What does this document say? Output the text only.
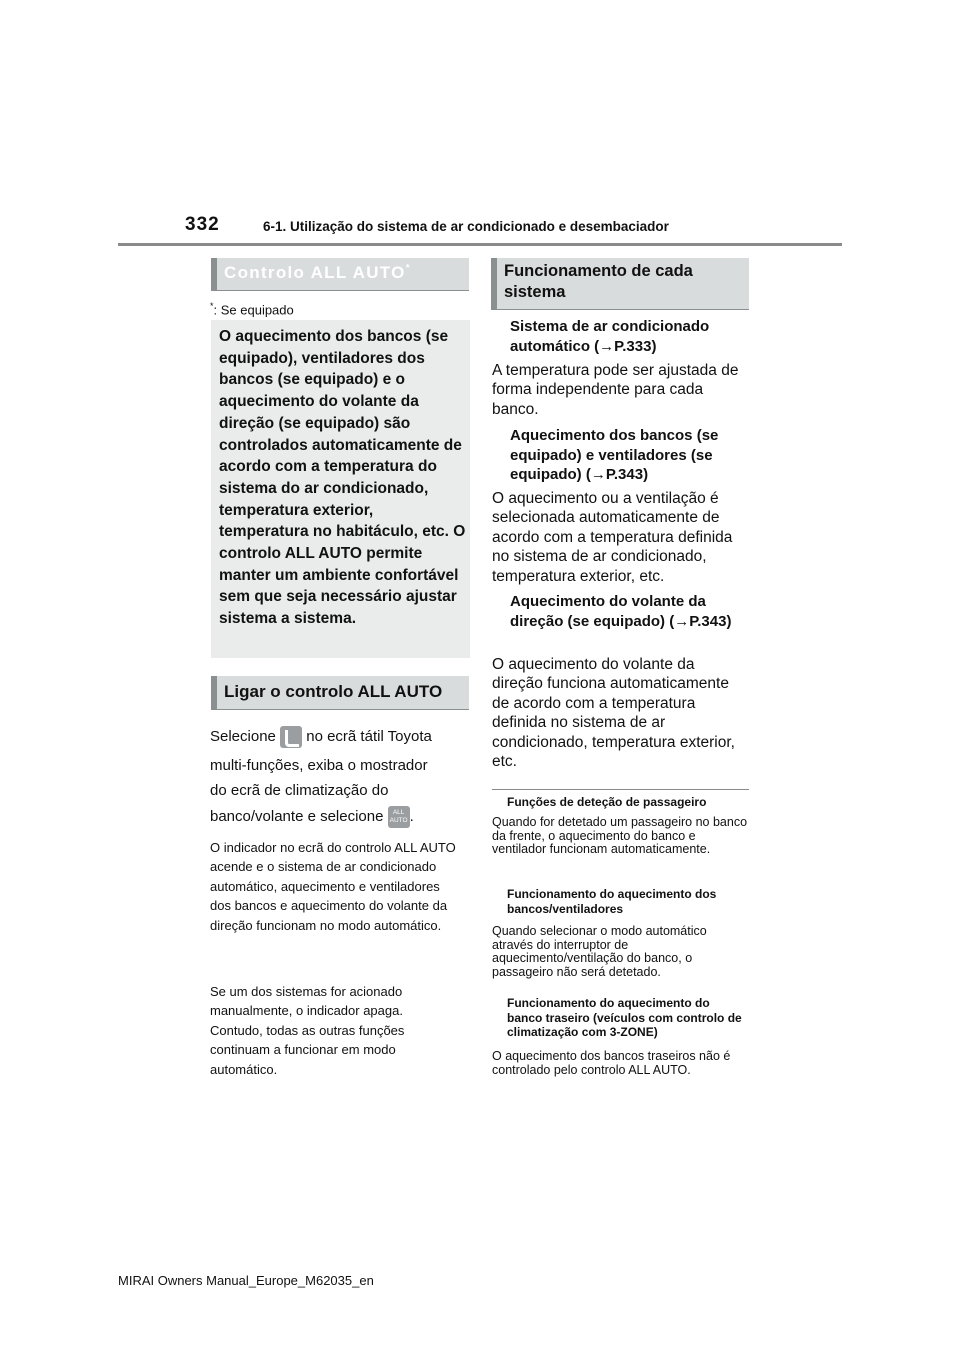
332	6-1. Utilização do sistema de ar condicionado e desembaciador
Controlo ALL AUTO*
*: Se equipado
O aquecimento dos bancos (se equipado), ventiladores dos bancos (se equipado) e o aquecimento do volante da direção (se equipado) são controlados automaticamente de acordo com a temperatura do sistema do ar condicionado, temperatura exterior, temperatura no habitáculo, etc. O controlo ALL AUTO permite manter um ambiente confortável sem que seja necessário ajustar sistema a sistema.
Ligar o controlo ALL AUTO
Selecione no ecrã tátil Toyota
multi-funções, exiba o mostrador
do ecrã de climatização do
banco/volante e selecione ALL AUTO .
O indicador no ecrã do controlo ALL AUTO acende e o sistema de ar condicionado automático, aquecimento e ventiladores dos bancos e aquecimento do volante da direção funcionam no modo automático.
Se um dos sistemas for acionado manualmente, o indicador apaga. Contudo, todas as outras funções continuam a funcionar em modo automático.
Funcionamento de cada sistema
Sistema de ar condicionado automático (→P.333)
A temperatura pode ser ajustada de forma independente para cada banco.
Aquecimento dos bancos (se equipado) e ventiladores (se equipado) (→P.343)
O aquecimento ou a ventilação é selecionada automaticamente de acordo com a temperatura definida no sistema de ar condicionado, temperatura exterior, etc.
Aquecimento do volante da direção (se equipado) (→P.343)
O aquecimento do volante da direção funciona automaticamente de acordo com a temperatura definida no sistema de ar condicionado, temperatura exterior, etc.
Funções de deteção de passageiro
Quando for detetado um passageiro no banco da frente, o aquecimento do banco e ventilador funcionam automaticamente.
Funcionamento do aquecimento dos bancos/ventiladores
Quando selecionar o modo automático através do interruptor de aquecimento/ventilação do banco, o passageiro não será detetado.
Funcionamento do aquecimento do banco traseiro (veículos com controlo de climatização com 3-ZONE)
O aquecimento dos bancos traseiros não é controlado pelo controlo ALL AUTO.
MIRAI Owners Manual_Europe_M62035_en
